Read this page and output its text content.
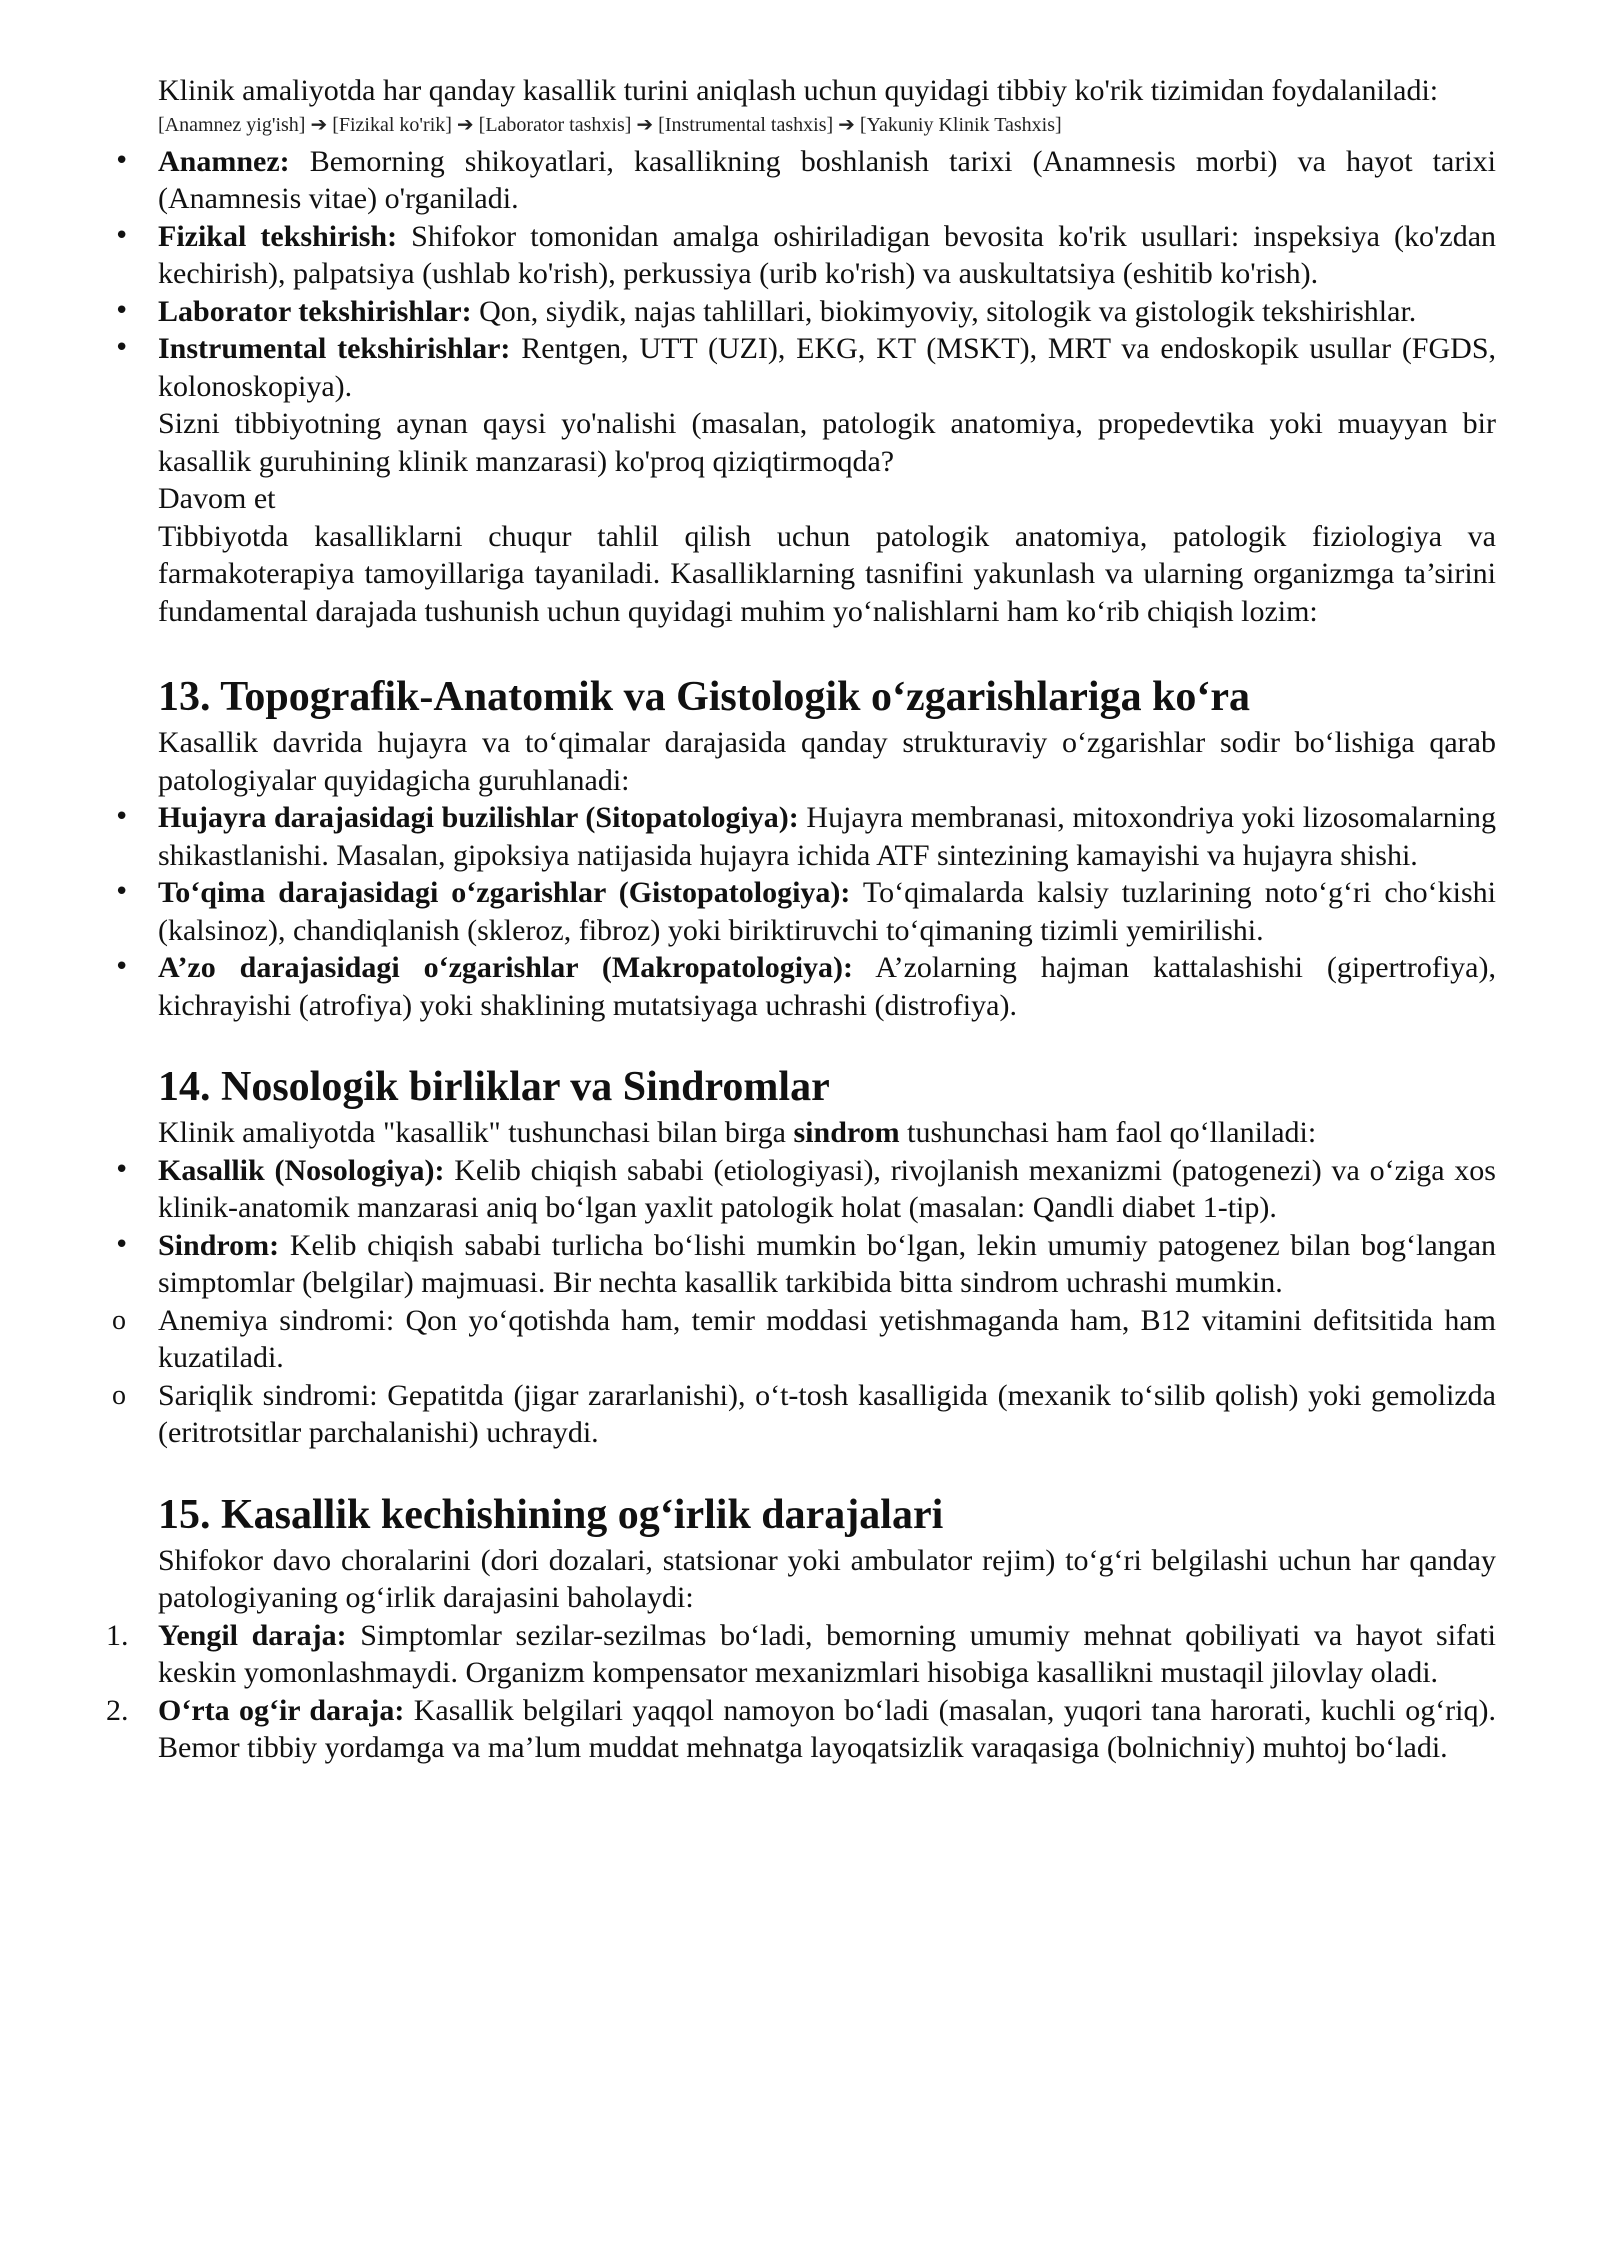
Klinik amaliyotda har qanday kasallik turini aniqlash uchun quyidagi tibbiy ko'rik tizimidan foydalaniladi:

[Anamnez yig'ish] ➔ [Fizikal ko'rik] ➔ [Laborator tashxis] ➔ [Instrumental tashxis] ➔ [Yakuniy Klinik Tashxis]
• Anamnez: Bemorning shikoyatlari, kasallikning boshlanish tarixi (Anamnesis morbi) va hayot tarixi (Anamnesis vitae) o'rganiladi.
• Fizikal tekshirish: Shifokor tomonidan amalga oshiriladigan bevosita ko'rik usullari: inspeksiya (ko'zdan kechirish), palpatsiya (ushlab ko'rish), perkussiya (urib ko'rish) va auskultatsiya (eshitib ko'rish).
• Laborator tekshirishlar: Qon, siydik, najas tahlillari, biokimyoviy, sitologik va gistologik tekshirishlar.
• Instrumental tekshirishlar: Rentgen, UTT (UZI), EKG, KT (MSKT), MRT va endoskopik usullar (FGDS, kolonoskopiya).

Sizni tibbiyotning aynan qaysi yo'nalishi (masalan, patologik anatomiya, propedevtika yoki muayyan bir kasallik guruhining klinik manzarasi) ko'proq qiziqtirmoqda?

Davom et

Tibbiyotda kasalliklarni chuqur tahlil qilish uchun patologik anatomiya, patologik fiziologiya va farmakoterapiya tamoyillariga tayaniladi. Kasalliklarning tasnifini yakunlash va ularning organizmga ta’sirini fundamental darajada tushunish uchun quyidagi muhim yo‘nalishlarni ham ko‘rib chiqish lozim:

13. Topografik-Anatomik va Gistologik o‘zgarishlariga ko‘ra

Kasallik davrida hujayra va to‘qimalar darajasida qanday strukturaviy o‘zgarishlar sodir bo‘lishiga qarab patologiyalar quyidagicha guruhlanadi:

• Hujayra darajasidagi buzilishlar (Sitopatologiya): Hujayra membranasi, mitoxondriya yoki lizosomalarning shikastlanishi. Masalan, gipoksiya natijasida hujayra ichida ATF sintezining kamayishi va hujayra shishi.
• To‘qima darajasidagi o‘zgarishlar (Gistopatologiya): To‘qimalarda kalsiy tuzlarining noto‘g‘ri cho‘kishi (kalsinoz), chandiqlanish (skleroz, fibroz) yoki biriktiruvchi to‘qimaning tizimli yemirilishi.
• A’zo darajasidagi o‘zgarishlar (Makropatologiya): A’zolarning hajman kattalashishi (gipertrofiya), kichrayishi (atrofiya) yoki shaklining mutatsiyaga uchrashi (distrofiya).
14. Nosologik birliklar va Sindromlar

Klinik amaliyotda "kasallik" tushunchasi bilan birga sindrom tushunchasi ham faol qo‘llaniladi:

• Kasallik (Nosologiya): Kelib chiqish sababi (etiologiyasi), rivojlanish mexanizmi (patogenezi) va o‘ziga xos klinik-anatomik manzarasi aniq bo‘lgan yaxlit patologik holat (masalan: Qandli diabet 1-tip).
• Sindrom: Kelib chiqish sababi turlicha bo‘lishi mumkin bo‘lgan, lekin umumiy patogenez bilan bog‘langan simptomlar (belgilar) majmuasi. Bir nechta kasallik tarkibida bitta sindrom uchrashi mumkin.
o Anemiya sindromi: Qon yo‘qotishda ham, temir moddasi yetishmaganda ham, B12 vitamini defitsitida ham kuzatiladi.
o Sariqlik sindromi: Gepatitda (jigar zararlanishi), o‘t-tosh kasalligida (mexanik to‘silib qolish) yoki gemolizda (eritrotsitlar parchalanishi) uchraydi.
15. Kasallik kechishining og‘irlik darajalari

Shifokor davo choralarini (dori dozalari, statsionar yoki ambulator rejim) to‘g‘ri belgilashi uchun har qanday patologiyaning og‘irlik darajasini baholaydi:

1. Yengil daraja: Simptomlar sezilar-sezilmas bo‘ladi, bemorning umumiy mehnat qobiliyati va hayot sifati keskin yomonlashmaydi. Organizm kompensator mexanizmlari hisobiga kasallikni mustaqil jilovlay oladi.
2. O‘rta og‘ir daraja: Kasallik belgilari yaqqol namoyon bo‘ladi (masalan, yuqori tana harorati, kuchli og‘riq). Bemor tibbiy yordamga va ma’lum muddat mehnatga layoqatsizlik varaqasiga (bolnichniy) muhtoj bo‘ladi.
